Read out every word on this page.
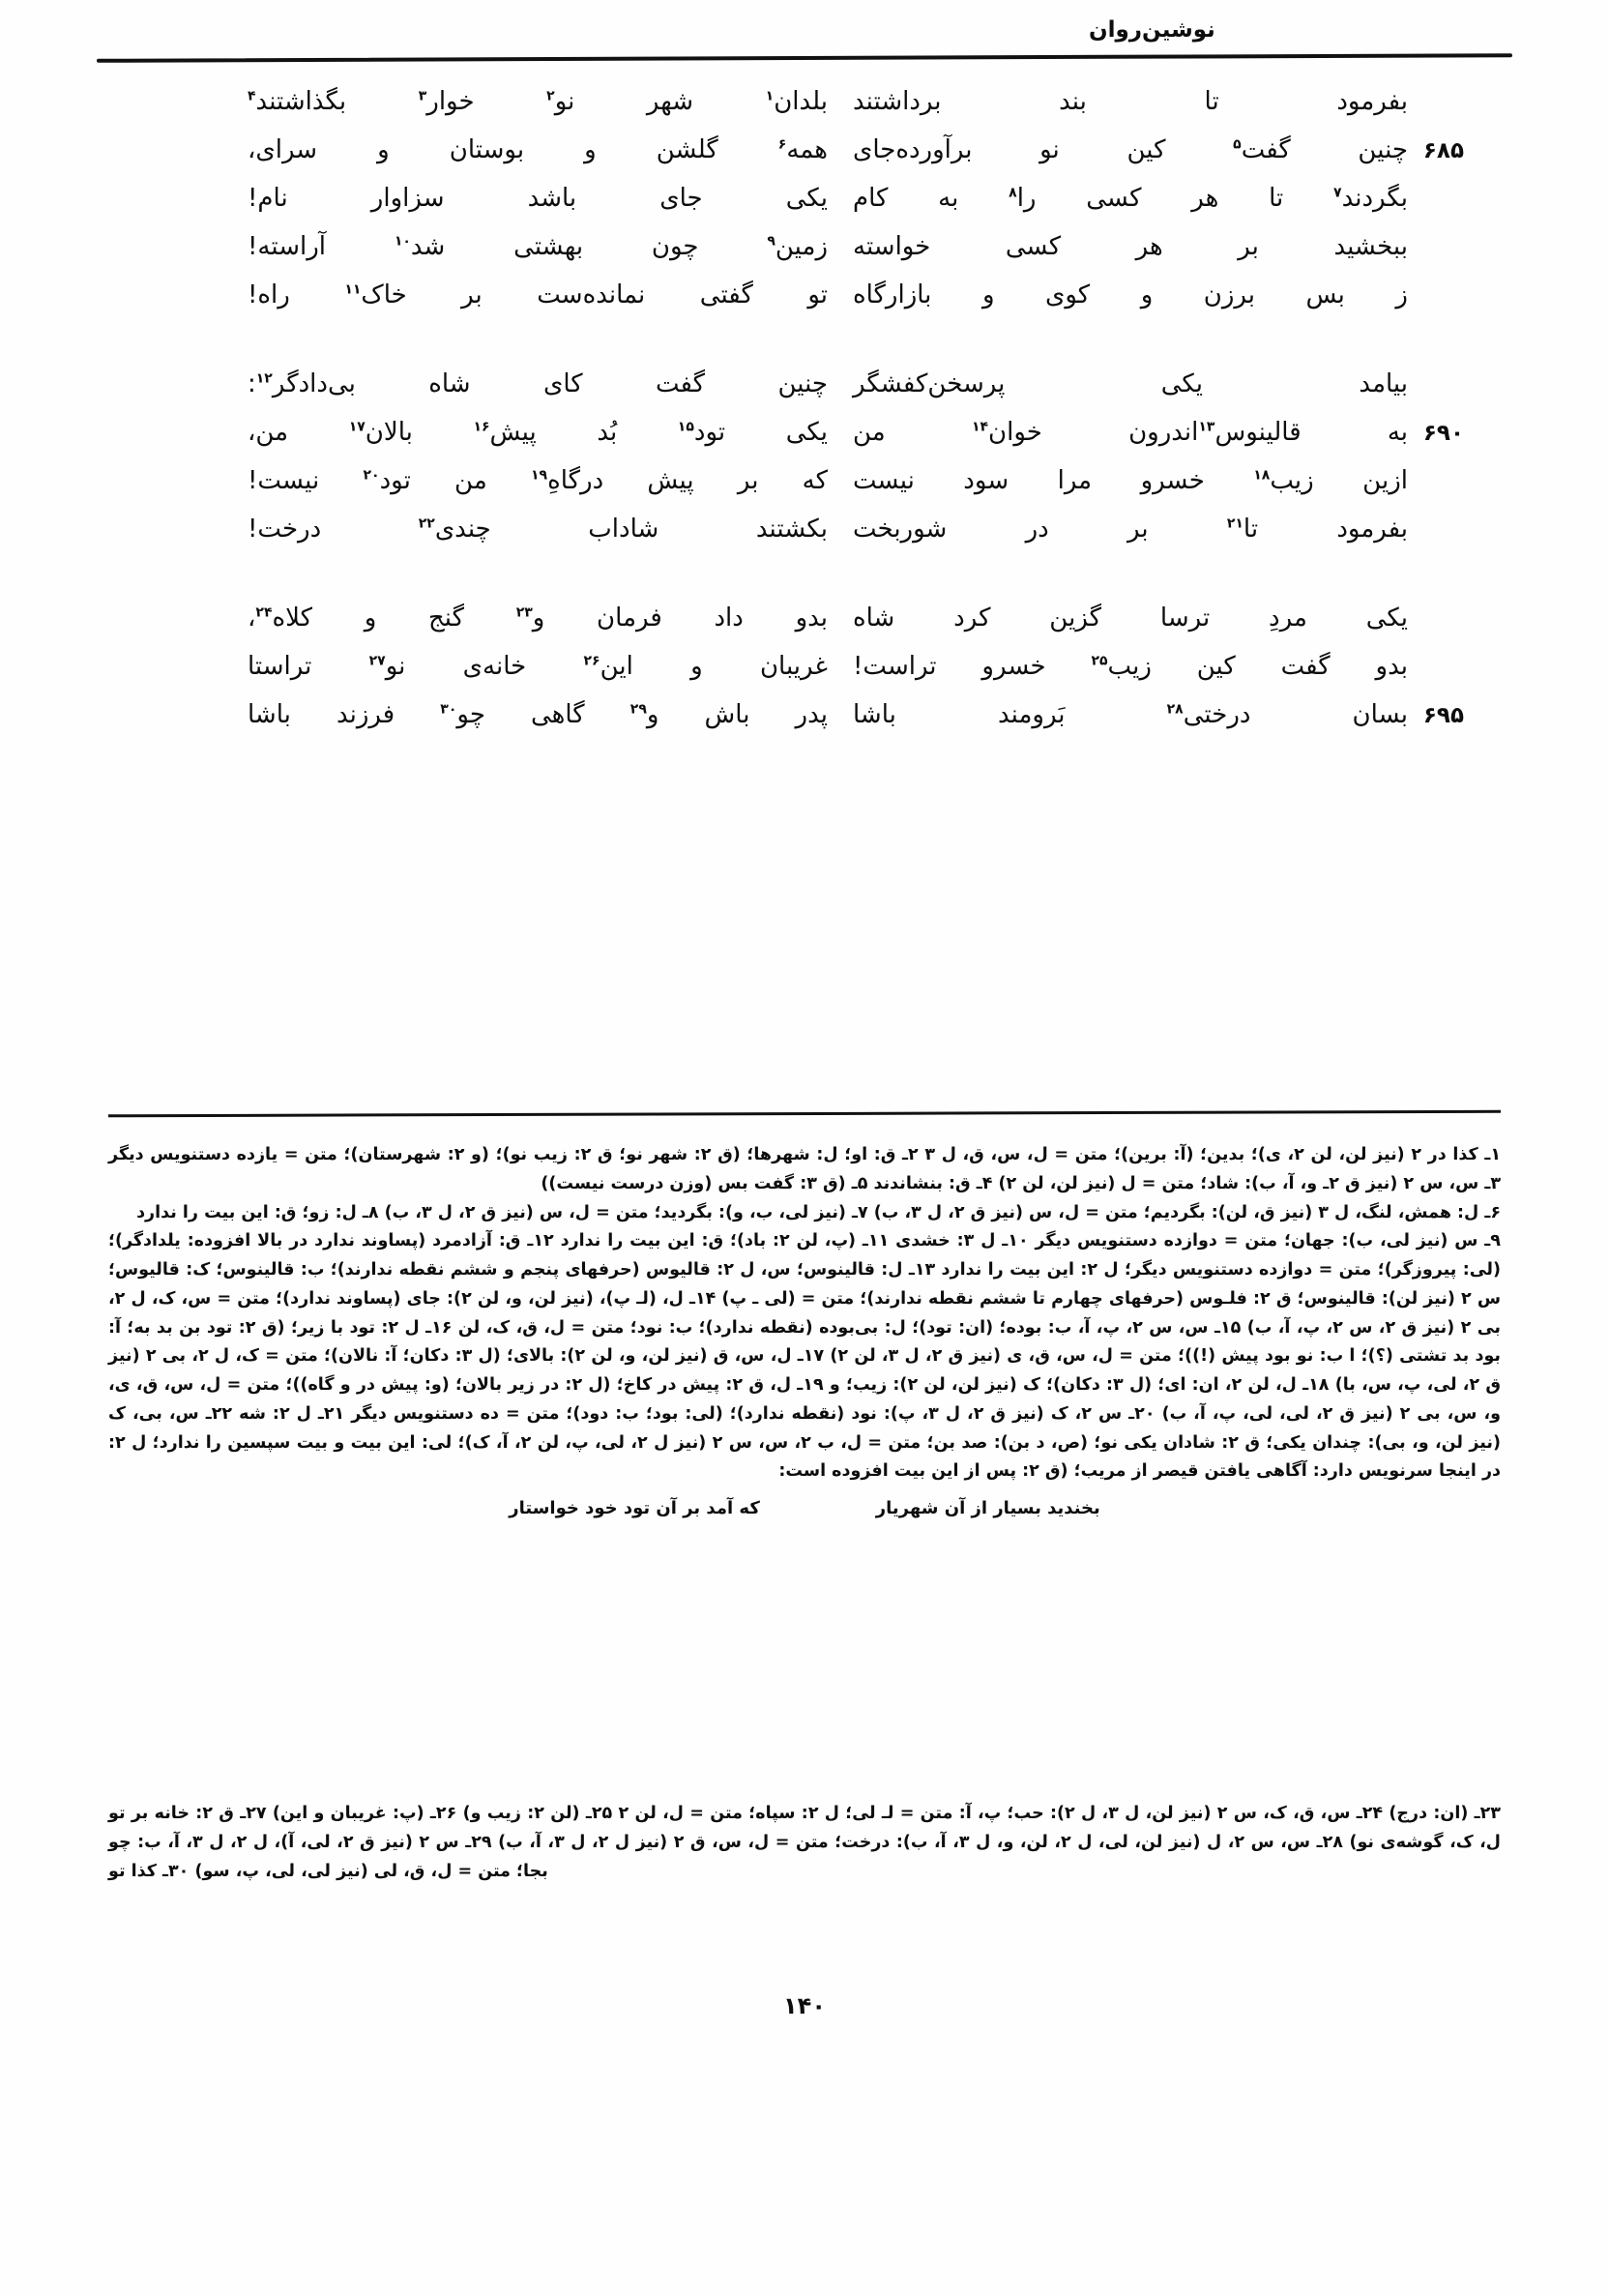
نوشین‌روان
بفرمود تا بند برداشتند
بلدان$^۱$ شهر نو$^۲$ خوار$^۳$ بگذاشتند$^۴$
۶۸۵
چنین گفت$^۵$ کین نو برآورده‌جای
همه$^۶$ گلشن و بوستان و سرای،
بگردند$^۷$ تا هر کسی را$^۸$ به کام
یکی جای باشد سزاوار نام!
ببخشید بر هر کسی خواسته
زمین$^۹$ چون بهشتی شد$^{۱۰}$ آراسته!
ز بس برزن و کوی و بازارگاه
تو گفتی نمانده‌ست بر خاک$^{۱۱}$ راه!
بیامد یکی پرسخن‌کفشگر
چنین گفت کای شاه بی‌دادگر$^{۱۲}$:
۶۹۰
به قالینوس$^{۱۳}$اندرون خوان$^{۱۴}$ من
یکی تود$^{۱۵}$ بُد پیش$^{۱۶}$ بالان$^{۱۷}$ من،
ازین زیب$^{۱۸}$ خسرو مرا سود نیست
که بر پیش درگاهِ$^{۱۹}$ من تود$^{۲۰}$ نیست!
بفرمود تا$^{۲۱}$ بر در شوربخت
بکشتند شاداب چندی$^{۲۲}$ درخت!
یکی مردِ ترسا گزین کرد شاه
بدو داد فرمان و$^{۲۳}$ گنج و کلاه$^{۲۴}$،
بدو گفت کین زیب$^{۲۵}$ خسرو تراست!
غریبان و این$^{۲۶}$ خانه‌ی نو$^{۲۷}$ تراستا
۶۹۵
بسان درختی$^{۲۸}$ بَرومند باشا
پدر باش و$^{۲۹}$ گاهی چو$^{۳۰}$ فرزند باشا

۱ـ کذا در ۲ (نیز لن، لن ۲، ی)؛ بدین؛ (آ: برین)؛ متن = ل، س، ق، ل ۳ ۲ـ ق: او؛ ل: شهرها؛ (ق ۲: شهر نو؛ ق ۲: زیب نو)؛ (و ۲: شهرستان)؛ متن = یازده دستنویس دیگر ۳ـ س، س ۲ (نیز ق ۲ـ و، آ، ب): شاد؛ متن = ل (نیز لن، لن ۲) ۴ـ ق: بنشاندند ۵ـ (ق ۳: گفت بس (وزن درست نیست))

۶ـ ل: همش، لنگ، ل ۳ (نیز ق، لن): بگردیم؛ متن = ل، س (نیز ق ۲، ل ۳، ب) ۷ـ (نیز لی، ب، و): بگردید؛ متن = ل، س (نیز ق ۲، ل ۳، ب) ۸ـ ل: زو؛ ق: این بیت را ندارد

۹ـ س (نیز لی، ب): جهان؛ متن = دوازده دستنویس دیگر ۱۰ـ ل ۳: خشدی ۱۱ـ (پ، لن ۲: باد)؛ ق: این بیت را ندارد ۱۲ـ ق: آزادمرد (پساوند ندارد در بالا افزوده: یلدادگر)؛ (لی: پیروزگر)؛ متن = دوازده دستنویس دیگر؛ ل ۲: این بیت را ندارد ۱۳ـ ل: قالینوس؛ س، ل ۲: قالیوس (حرفهای پنجم و ششم نقطه ندارند)؛ ب: قالینوس؛ ک: قالیوس؛ س ۲ (نیز لن): قالینوس؛ ق ۲: فلـوس (حرفهای چهارم تا ششم نقطه ندارند)؛ متن = (لی ـ پ) ۱۴ـ ل، (لـ پ)، (نیز لن، و، لن ۲): جای (پساوند ندارد)؛ متن = س، ک، ل ۲، بی ۲ (نیز ق ۲، س ۲، پ، آ، ب) ۱۵ـ س، س ۲، پ، آ، ب: بوده؛ (ان: تود)؛ ل: بی‌بوده (نقطه ندارد)؛ ب: نود؛ متن = ل، ق، ک، لن ۱۶ـ ل ۲: تود با زیر؛ (ق ۲: تود بن بد به؛ آ: بود بد تشتی (؟)؛ ا ب: نو بود پیش (!))؛ متن = ل، س، ق، ی (نیز ق ۲، ل ۳، لن ۲) ۱۷ـ ل، س، ق (نیز لن، و، لن ۲): بالای؛ (ل ۳: دکان؛ آ: نالان)؛ متن = ک، ل ۲، بی ۲ (نیز ق ۲، لی، پ، س، با) ۱۸ـ ل، لن ۲، ان: ای؛ (ل ۳: دکان)؛ ک (نیز لن، لن ۲): زیب؛ و ۱۹ـ ل، ق ۲: پیش در کاخ؛ (ل ۲: در زیر بالان؛ (و: پیش در و گاه))؛ متن = ل، س، ق، ی، و، س، بی ۲ (نیز ق ۲، لی، لی، پ، آ، ب) ۲۰ـ س ۲، ک (نیز ق ۲، ل ۳، پ): نود (نقطه ندارد)؛ (لی: بود؛ ب: دود)؛ متن = ده دستنویس دیگر ۲۱ـ ل ۲: شه ۲۲ـ س، بی، ک (نیز لن، و، بی): چندان یکی؛ ق ۲: شادان یکی نو؛ (ص، د بن): صد بن؛ متن = ل، ب ۲، س، س ۲ (نیز ل ۲، لی، پ، لن ۲، آ، ک)؛ لی: این بیت و بیت سپسین را ندارد؛ ل ۲: در اینجا سرنویس دارد: آگاهی یافتن قیصر از مریب؛ (ق ۲: پس از این بیت افزوده است:

بخندید بسیار از آن شهریار
که آمد بر آن تود خود خواستار

۲۳ـ (ان: درج) ۲۴ـ س، ق، ک، س ۲ (نیز لن، ل ۳، ل ۲): حب؛ پ، آ: متن = لـ لی؛ ل ۲: سپاه؛ متن = ل، لن ۲ ۲۵ـ (لن ۲: زیب و) ۲۶ـ (پ: غریبان و این) ۲۷ـ ق ۲: خانه بر تو ل، ک، گوشه‌ی نو) ۲۸ـ س، س ۲، ل (نیز لن، لی، ل ۲، لن، و، ل ۳، آ، ب): درخت؛ متن = ل، س، ق ۲ (نیز ل ۲، ل ۳، آ، ب) ۲۹ـ س ۲ (نیز ق ۲، لی، آ)، ل ۲، ل ۳، آ، ب: چو بجا؛ متن = ل، ق، لی (نیز لی، لی، پ، سو) ۳۰ـ کذا تو

۱۴۰
